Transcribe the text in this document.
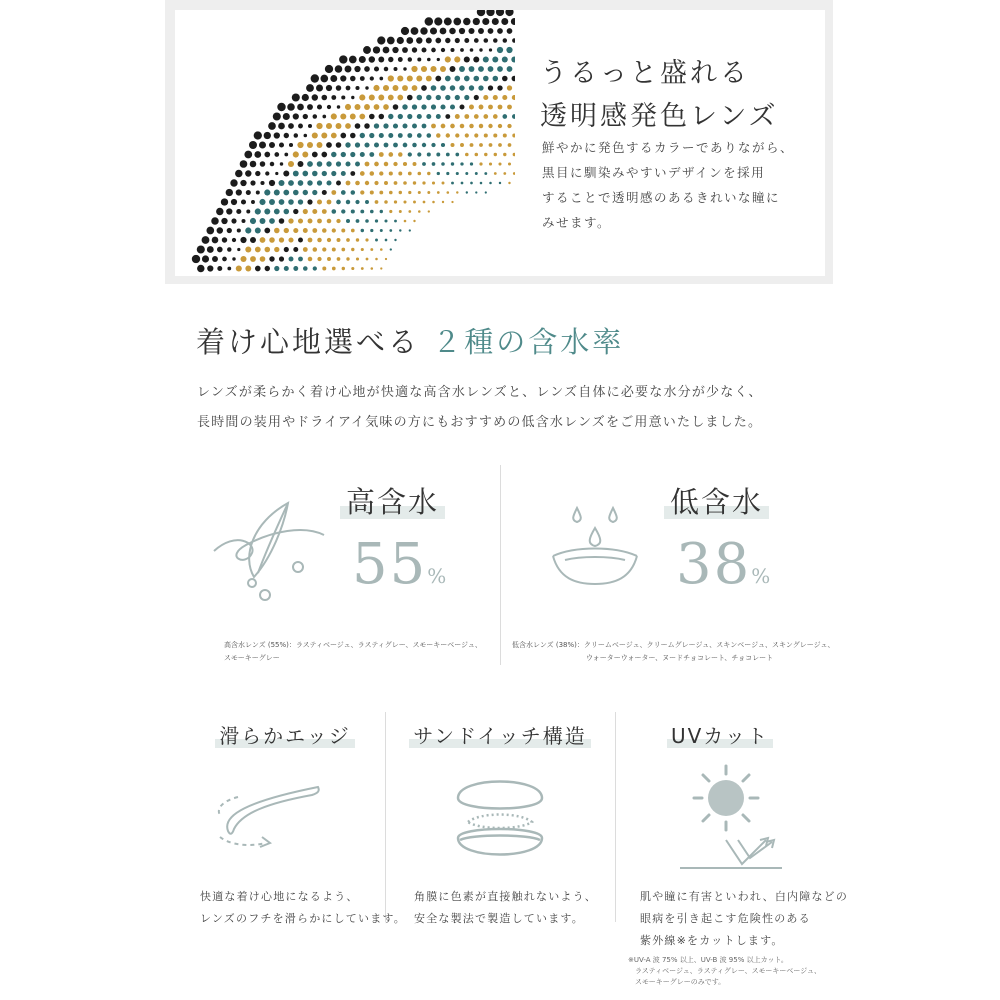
うるっと盛れる
透明感発色レンズ

鮮やかに発色するカラーでありながら、
黒目に馴染みやすいデザインを採用
することで透明感のあるきれいな瞳に
みせます。

着け心地選べる ２種の含水率

レンズが柔らかく着け心地が快適な高含水レンズと、レンズ自体に必要な水分が少なく、
長時間の装用やドライアイ気味の方にもおすすめの低含水レンズをご用意いたしました。

高含水
55%

高含水レンズ (55%)：ラスティベージュ、ラスティグレー、スモーキーベージュ、
スモーキーグレー

低含水
38%

低含水レンズ (38%)：クリームベージュ、クリームグレージュ、スキンベージュ、スキングレージュ、
ウォーターウォーター、ヌードチョコレート、チョコレート

滑らかエッジ

快適な着け心地になるよう、
レンズのフチを滑らかにしています。

サンドイッチ構造

角膜に色素が直接触れないよう、
安全な製法で製造しています。

UVカット

肌や瞳に有害といわれ、白内障などの
眼病を引き起こす危険性のある
紫外線※をカットします。

※UV-A 波 75% 以上、UV-B 波 95% 以上カット。
　ラスティベージュ、ラスティグレー、スモーキーベージュ、
　スモーキーグレーのみです。
